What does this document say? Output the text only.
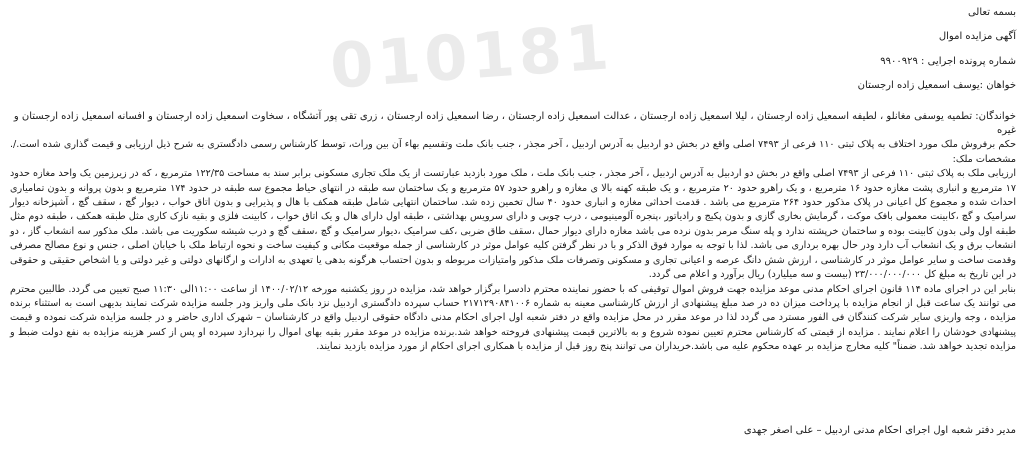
010181	بسمه تعالی

آگهی مزایده اموال

شماره پرونده اجرایی : ۹۹۰۰۹۲۹

خواهان :یوسف اسمعیل زاده ارجستان

خواندگان: تطمیه یوسفی مغانلو ، لطیفه اسمعیل زاده ارجستان ، لیلا اسمعیل زاده ارجستان ، عدالت اسمعیل زاده ارجستان ، رضا اسمعیل زاده ارجستان ، زری تقی پور آتشگاه ، سخاوت اسمعیل زاده ارجستان و افسانه اسمعیل زاده ارجستان و غیره

حکم برفروش ملک مورد اختلاف به پلاک ثبتی ۱۱۰ فرعی از ۷۴۹۳ اصلی واقع در بخش دو اردبیل به آدرس اردبیل ، آخر مجذر ، جنب بانک ملت وتقسیم بهاء آن بین وراث، توسط کارشناس رسمی دادگستری به شرح ذیل ارزیابی و قیمت گذاری شده است./. مشخصات ملک:

ارزیابی ملک به پلاک ثبتی ۱۱۰ فرعی از ۷۴۹۳ اصلی واقع در بخش دو اردبیل به آدرس اردبیل ، آخر مجذر ، جنب بانک ملت ، ملک مورد بازدید عبارتست از یک ملک تجاری مسکونی برابر سند به مساحت ۱۲۲/۳۵ مترمربع ، که در زیرزمین یک واحد مغازه حدود ۱۷ مترمربع و انباری پشت مغازه حدود ۱۶ مترمربع ، و یک راهرو حدود ۲۰ مترمربع ، و یک طبقه کهنه بالا ی مغازه و راهرو حدود ۵۷ مترمربع و یک ساختمان سه طبقه در انتهای حیاط مجموع سه طبقه در حدود ۱۷۴ مترمربع و بدون پروانه و بدون تمامیاری احداث شده و مجموع کل اعیانی در پلاک مذکور حدود ۲۶۴ مترمربع می باشد . قدمت احداثی مغازه و انباری حدود ۴۰ سال تخمین زده شد. ساختمان انتهایی شامل طبقه همکف با هال و پذیرایی و بدون اتاق خواب ، دیوار گچ ، سقف گچ ، آشپزخانه دیوار سرامیک و گچ ،کابینت معمولی بافک موکت ، گرمایش بخاری گازی و بدون پکیج و رادیاتور ،پنجره آلومینیومی ، درب چوبی و دارای سرویس بهداشتی ، طبقه اول دارای هال و یک اتاق خواب ، کابینت فلزی و بقیه نازک کاری مثل طبقه همکف ، طبقه دوم مثل طبقه اول ولی بدون کابینت بوده و ساختمان خرپشته ندارد و پله سنگ مرمر بدون نرده می باشد مغازه دارای دیوار حمال ،سقف طاق ضربی ،کف سرامیک ،دیوار سرامیک و گچ ،سقف گچ و درب شیشه سکوریت می باشد. ملک مذکور سه انشعاب گاز ، دو انشعاب برق و یک انشعاب آب دارد ودر حال بهره برداری می باشد. لذا با توجه به موارد فوق الذکر و با در نظر گرفتن کلیه عوامل موثر در کارشناسی از جمله موقعیت مکانی و کیفیت ساخت و نحوه ارتباط ملک با خیابان اصلی ، جنس و نوع مصالح مصرفی وقدمت ساخت و سایر عوامل موثر در کارشناسی ، ارزش شش دانگ عرصه و اعیانی تجاری و مسکونی وتصرفات ملک مذکور وامتیازات مربوطه و بدون احتساب هرگونه بدهی یا تعهدی به ادارات و ارگانهای دولتی و غیر دولتی و یا اشخاص حقیقی و حقوقی در این تاریخ به مبلغ کل ۲۳/۰۰۰/۰۰۰/۰۰۰ (بیست و سه میلیارد) ریال برآورد و اعلام می گردد.

بنابر این در اجرای ماده ۱۱۴ قانون اجرای احکام مدنی موعد مزایده جهت فروش اموال توقیفی که با حضور نماینده محترم دادسرا برگزار خواهد شد، مزایده در روز یکشنبه مورخه ۱۴۰۰/۰۲/۱۲ از ساعت ۱۱:۰۰الی ۱۱:۳۰ صبح تعیین می گردد. طالبین محترم می توانند یک ساعت قبل از انجام مزایده با پرداخت میزان ده در صد مبلغ پیشنهادی از ارزش کارشناسی معینه به شماره ۲۱۷۱۲۹۰۸۴۱۰۰۶ حساب سپرده دادگستری اردبیل نزد بانک ملی واریز ودر جلسه مزایده شرکت نمایند بدیهی است به استثناء برنده مزایده ، وجه واریزی سایر شرکت کنندگان فی الفور مسترد می گردد لذا در موعد مقرر در محل مزایده واقع در دفتر شعبه اول اجرای احکام مدنی دادگاه حقوقی اردبیل واقع در کارشناسان – شهرک اداری حاضر و در جلسه مزایده شرکت نموده و قیمت پیشنهادی خودشان را اعلام نمایند . مزایده از قیمتی که کارشناس محترم تعیین نموده شروع و به بالاترین قیمت پیشنهادی فروخته خواهد شد.برنده مزایده در موعد مقرر بقیه بهای اموال را نپردازد سپرده او پس از کسر هزینه مزایده به نفع دولت ضبط و مزایده تجدید خواهد شد. ضمناً" کلیه مخارج مزایده بر عهده محکوم علیه می باشد.خریداران می توانند پنج روز قبل از مزایده با همکاری اجرای احکام از مورد مزایده بازدید نمایند.

مدیر دفتر شعبه اول اجرای احکام مدنی اردبیل – علی اصغر جهدی
